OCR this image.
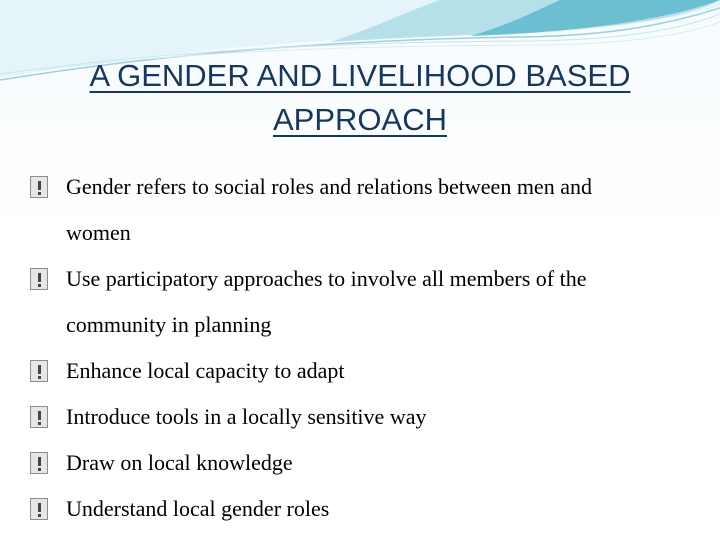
A GENDER AND LIVELIHOOD BASED
APPROACH
Gender refers to social roles and relations between men and
women
Use participatory approaches to involve all members of the
community in planning
Enhance local capacity to adapt
Introduce tools in a locally sensitive way
Draw on local knowledge
Understand local gender roles
